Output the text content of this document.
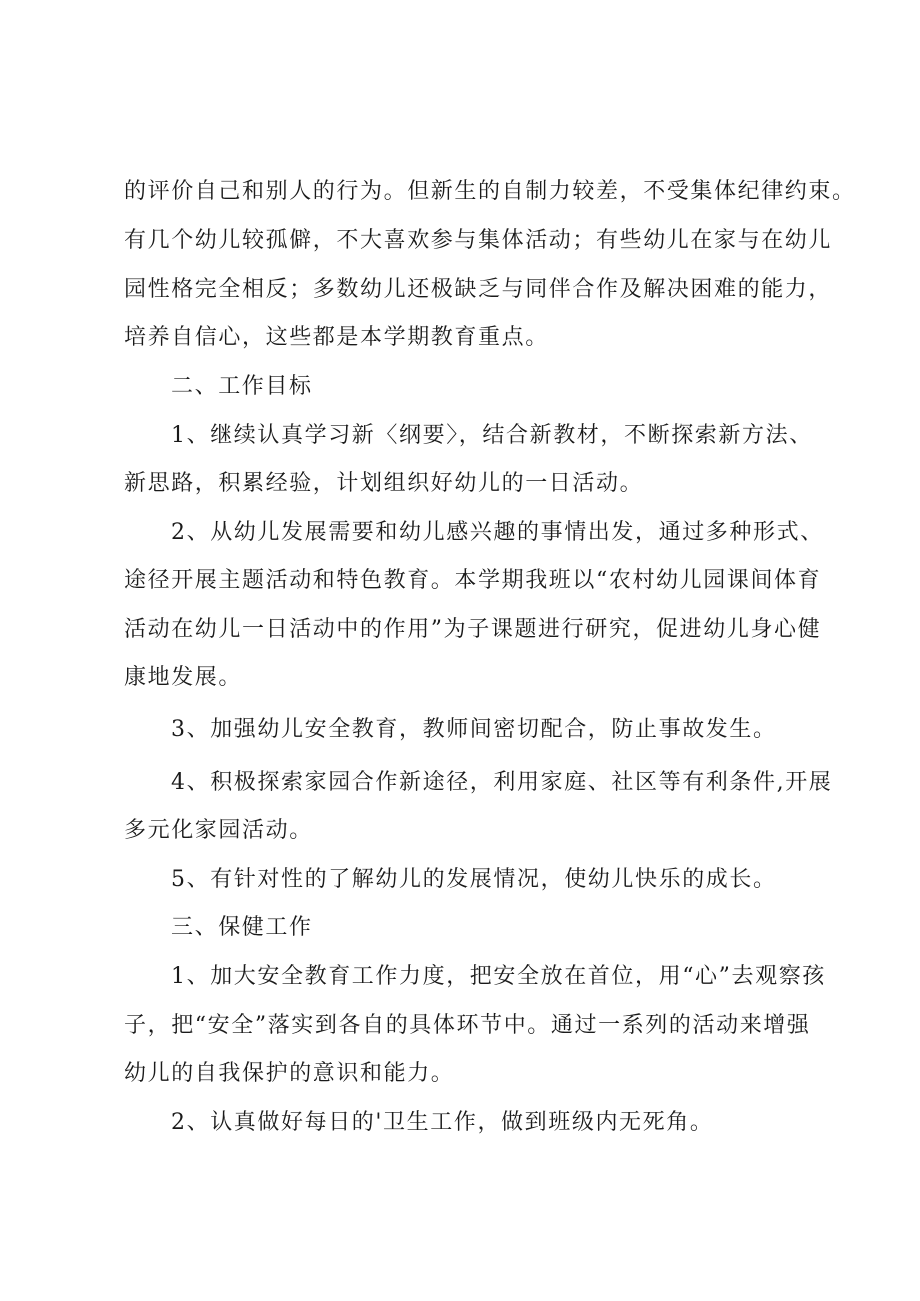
的评价自己和别人的行为。但新生的自制力较差，不受集体纪律约束。
有几个幼儿较孤僻，不大喜欢参与集体活动；有些幼儿在家与在幼儿
园性格完全相反；多数幼儿还极缺乏与同伴合作及解决困难的能力，
培养自信心，这些都是本学期教育重点。
二、工作目标
1、继续认真学习新〈纲要〉，结合新教材，不断探索新方法、
新思路，积累经验，计划组织好幼儿的一日活动。
2、从幼儿发展需要和幼儿感兴趣的事情出发，通过多种形式、
途径开展主题活动和特色教育。本学期我班以“农村幼儿园课间体育
活动在幼儿一日活动中的作用”为子课题进行研究，促进幼儿身心健
康地发展。
3、加强幼儿安全教育，教师间密切配合，防止事故发生。
4、积极探索家园合作新途径，利用家庭、社区等有利条件,开展
多元化家园活动。
5、有针对性的了解幼儿的发展情况，使幼儿快乐的成长。
三、保健工作
1、加大安全教育工作力度，把安全放在首位，用“心”去观察孩
子，把“安全”落实到各自的具体环节中。通过一系列的活动来增强
幼儿的自我保护的意识和能力。
2、认真做好每日的'卫生工作，做到班级内无死角。
